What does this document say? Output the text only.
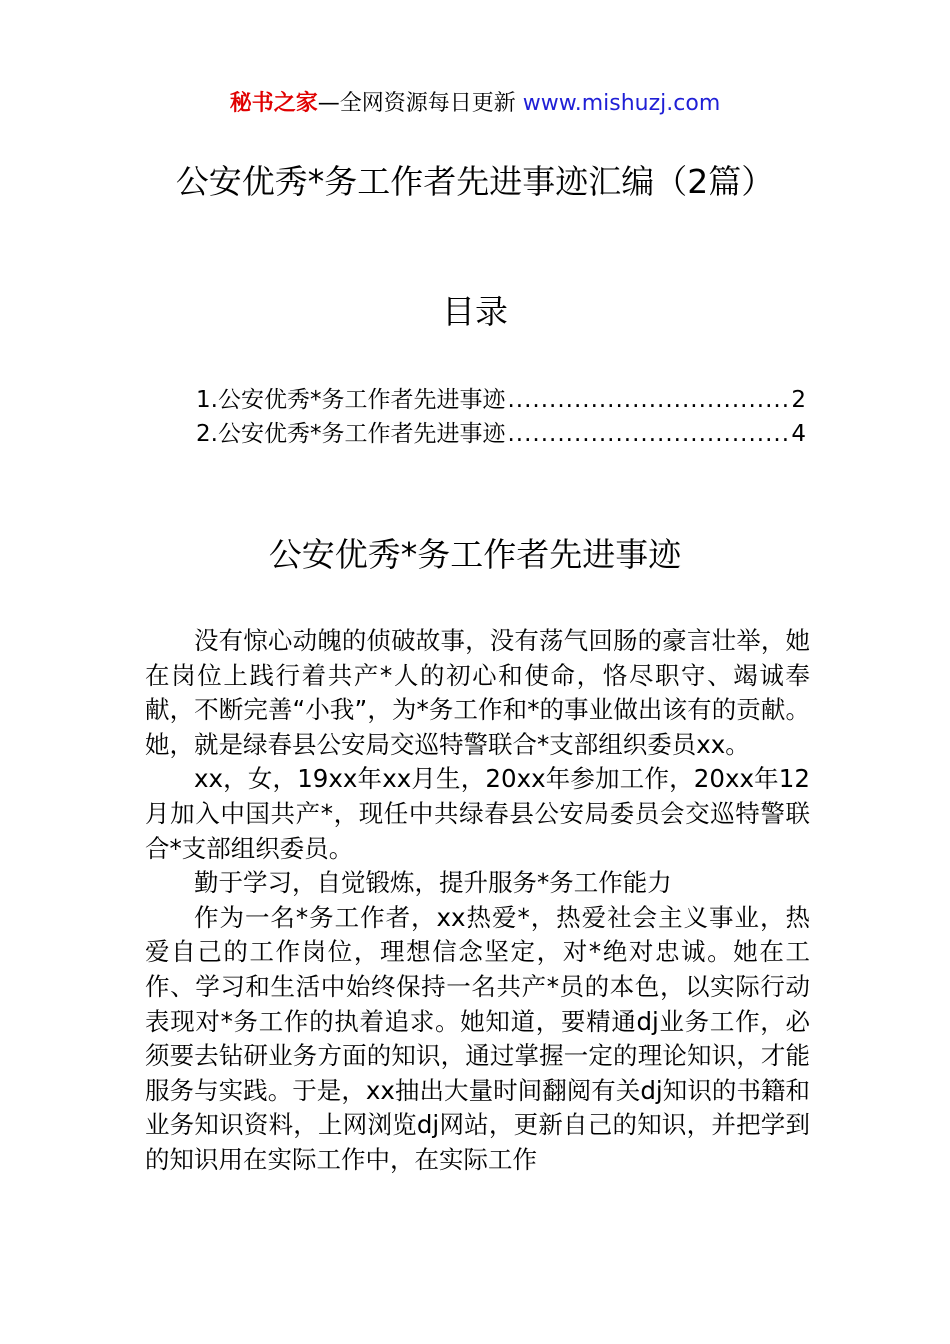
秘书之家—全网资源每日更新 www.mishuzj.com
公安优秀*务工作者先进事迹汇编（2篇）
目录
1.公安优秀*务工作者先进事迹 .....	2
2.公安优秀*务工作者先进事迹 .....	4
公安优秀*务工作者先进事迹

没有惊心动魄的侦破故事，没有荡气回肠的豪言壮举，她在岗位上践行着共产*人的初心和使命，恪尽职守、竭诚奉献，不断完善“小我”，为*务工作和*的事业做出该有的贡献。她，就是绿春县公安局交巡特警联合*支部组织委员xx。

xx，女，19xx年xx月生，20xx年参加工作，20xx年12月加入中国共产*，现任中共绿春县公安局委员会交巡特警联合*支部组织委员。

勤于学习，自觉锻炼，提升服务*务工作能力

作为一名*务工作者，xx热爱*，热爱社会主义事业，热爱自己的工作岗位，理想信念坚定，对*绝对忠诚。她在工作、学习和生活中始终保持一名共产*员的本色，以实际行动表现对*务工作的执着追求。她知道，要精通dj业务工作，必须要去钻研业务方面的知识，通过掌握一定的理论知识，才能服务与实践。于是，xx抽出大量时间翻阅有关dj知识的书籍和业务知识资料，上网浏览dj网站，更新自己的知识，并把学到的知识用在实际工作中，在实际工作
